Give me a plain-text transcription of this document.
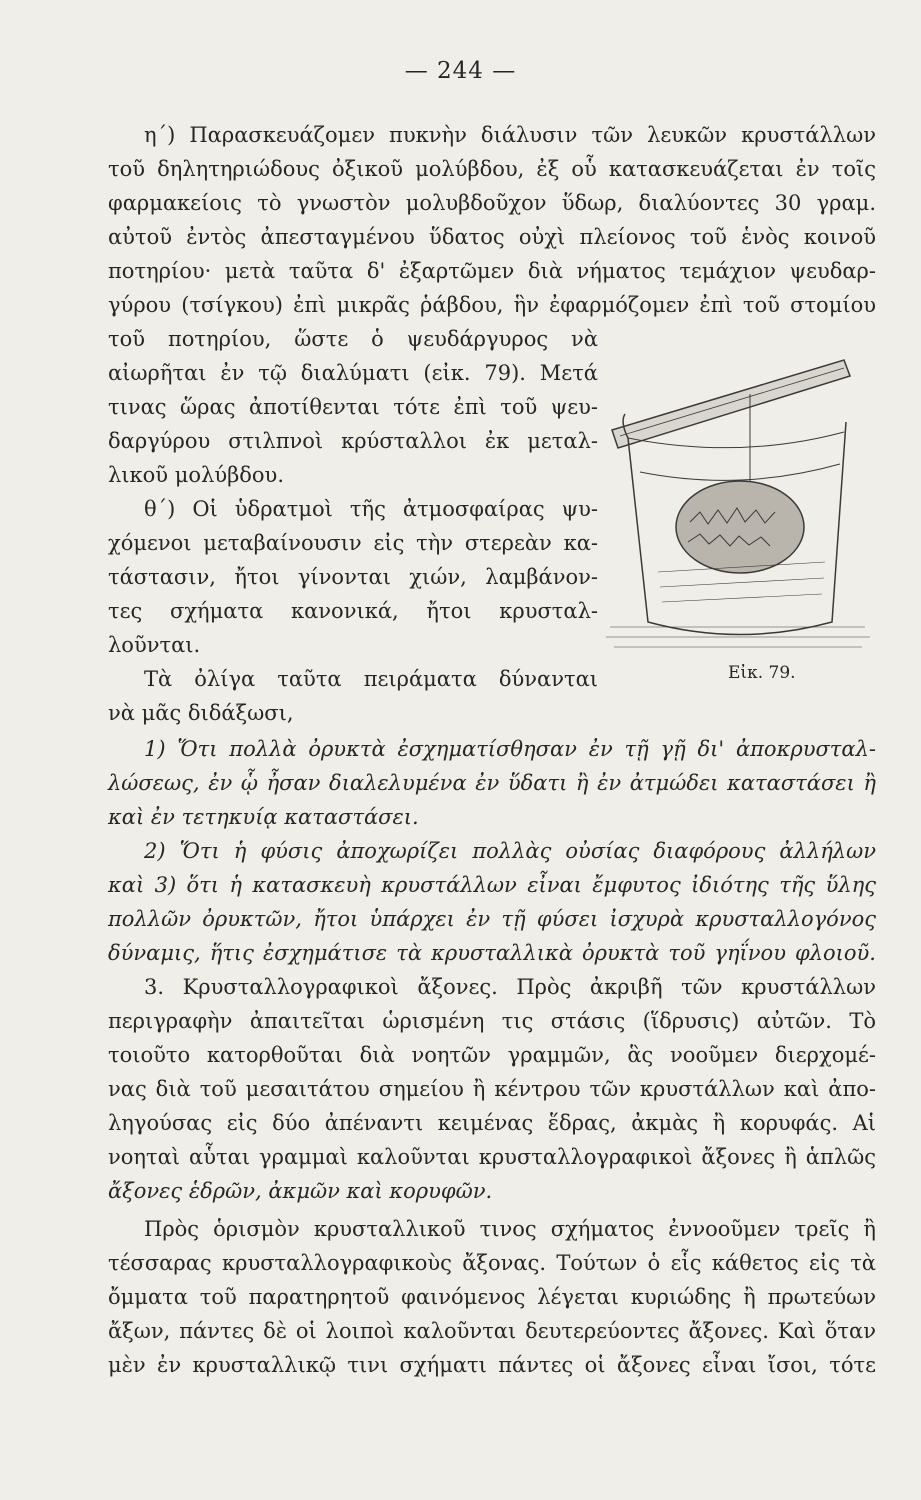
— 244 —
η΄) Παρασκευάζομεν πυκνὴν διάλυσιν τῶν λευκῶν κρυστάλλων
τοῦ δηλητηριώδους ὀξικοῦ μολύβδου, ἐξ οὗ κατασκευάζεται ἐν τοῖς
φαρμακείοις τὸ γνωστὸν μολυβδοῦχον ὕδωρ, διαλύοντες 30 γραμ.
αὐτοῦ ἐντὸς ἀπεσταγμένου ὕδατος οὐχὶ πλείονος τοῦ ἑνὸς κοινοῦ
ποτηρίου· μετὰ ταῦτα δ' ἐξαρτῶμεν διὰ νήματος τεμάχιον ψευδαρ-
γύρου (τσίγκου) ἐπὶ μικρᾶς ῥάβδου, ἣν ἐφαρμόζομεν ἐπὶ τοῦ στομίου
τοῦ ποτηρίου, ὥστε ὁ ψευδάργυρος νὰ
αἰωρῆται ἐν τῷ διαλύματι (εἰκ. 79). Μετά
τινας ὥρας ἀποτίθενται τότε ἐπὶ τοῦ ψευ-
δαργύρου στιλπνοὶ κρύσταλλοι ἐκ μεταλ-
λικοῦ μολύβδου.
θ΄) Οἱ ὑδρατμοὶ τῆς ἀτμοσφαίρας ψυ-
χόμενοι μεταβαίνουσιν εἰς τὴν στερεὰν κα-
τάστασιν, ἤτοι γίνονται χιών, λαμβάνον-
τες σχήματα κανονικά, ἤτοι κρυσταλ-
λοῦνται.
Τὰ ὀλίγα ταῦτα πειράματα δύνανται
νὰ μᾶς διδάξωσι,
1) Ὅτι πολλὰ ὀρυκτὰ ἐσχηματίσθησαν ἐν τῇ γῇ δι' ἀποκρυσταλ-
λώσεως, ἐν ᾧ ἦσαν διαλελυμένα ἐν ὕδατι ἢ ἐν ἀτμώδει καταστάσει ἢ
καὶ ἐν τετηκυίᾳ καταστάσει.
2) Ὅτι ἡ φύσις ἀποχωρίζει πολλὰς οὐσίας διαφόρους ἀλλήλων
καὶ 3) ὅτι ἡ κατασκευὴ κρυστάλλων εἶναι ἔμφυτος ἰδιότης τῆς ὕλης
πολλῶν ὀρυκτῶν, ἤτοι ὑπάρχει ἐν τῇ φύσει ἰσχυρὰ κρυσταλλογόνος
δύναμις, ἥτις ἐσχημάτισε τὰ κρυσταλλικὰ ὀρυκτὰ τοῦ γηΐνου φλοιοῦ.
3. Κρυσταλλογραφικοὶ ἄξονες. Πρὸς ἀκριβῆ τῶν κρυστάλλων
περιγραφὴν ἀπαιτεῖται ὡρισμένη τις στάσις (ἵδρυσις) αὐτῶν. Τὸ
τοιοῦτο κατορθοῦται διὰ νοητῶν γραμμῶν, ἃς νοοῦμεν διερχομέ-
νας διὰ τοῦ μεσαιτάτου σημείου ἢ κέντρου τῶν κρυστάλλων καὶ ἀπο-
ληγούσας εἰς δύο ἀπέναντι κειμένας ἕδρας, ἀκμὰς ἢ κορυφάς. Αἱ
νοηταὶ αὗται γραμμαὶ καλοῦνται κρυσταλλογραφικοὶ ἄξονες ἢ ἁπλῶς
ἄξονες ἑδρῶν, ἀκμῶν καὶ κορυφῶν.
Πρὸς ὁρισμὸν κρυσταλλικοῦ τινος σχήματος ἐννοοῦμεν τρεῖς ἢ
τέσσαρας κρυσταλλογραφικοὺς ἄξονας. Τούτων ὁ εἷς κάθετος εἰς τὰ
ὄμματα τοῦ παρατηρητοῦ φαινόμενος λέγεται κυριώδης ἢ πρωτεύων
ἄξων, πάντες δὲ οἱ λοιποὶ καλοῦνται δευτερεύοντες ἄξονες. Καὶ ὅταν
μὲν ἐν κρυσταλλικῷ τινι σχήματι πάντες οἱ ἄξονες εἶναι ἴσοι, τότε
Εἰκ. 79.
